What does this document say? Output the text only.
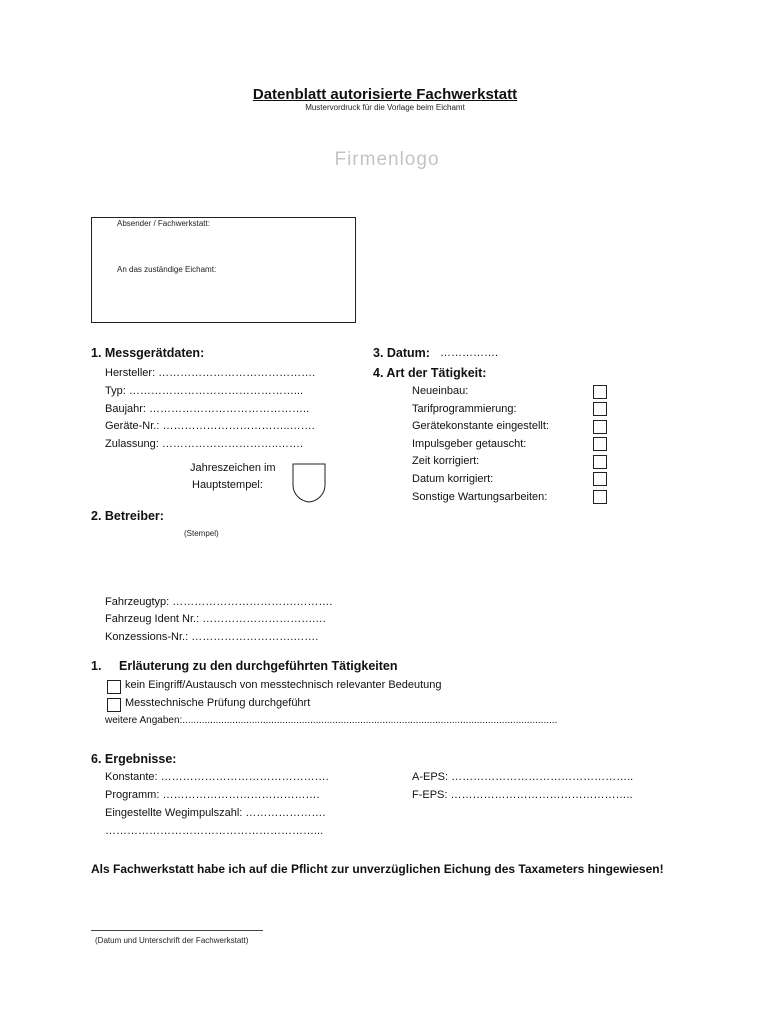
Datenblatt autorisierte Fachwerkstatt
Mustervordruck für die Vorlage beim Eichamt
Firmenlogo
Absender / Fachwerkstatt:
An das zuständige Eichamt:
1. Messgerätdaten:
Hersteller: …………………………………….
Typ: ………………………………………...
Baujahr: ……………………………………..
Geräte-Nr.: ……………………………..…….
Zulassung: …………………………..…….
Jahreszeichen im
Hauptstempel:
3. Datum: …………….
4. Art der Tätigkeit:
Neueinbau:
Tarifprogrammierung:
Gerätekonstante eingestellt:
Impulsgeber getauscht:
Zeit korrigiert:
Datum korrigiert:
Sonstige Wartungsarbeiten:
2. Betreiber:
(Stempel)
Fahrzeugtyp: …………………………….……….
Fahrzeug Ident Nr.: ………………………….…
Konzessions-Nr.: ……………………….…….
1. Erläuterung zu den durchgeführten Tätigkeiten
kein Eingriff/Austausch von messtechnisch relevanter Bedeutung
Messtechnische Prüfung durchgeführt
weitere Angaben:.......................................................................................................................................
6. Ergebnisse:
Konstante: ……………………………………….
Programm: …………………………………….
Eingestellte Wegimpulszahl: ………………….
…………………………………………………...
A-EPS: …………………………………………..
F-EPS: …………………………………………..
Als Fachwerkstatt habe ich auf die Pflicht zur unverzüglichen Eichung des Taxameters hingewiesen!
(Datum und Unterschrift der Fachwerkstatt)
